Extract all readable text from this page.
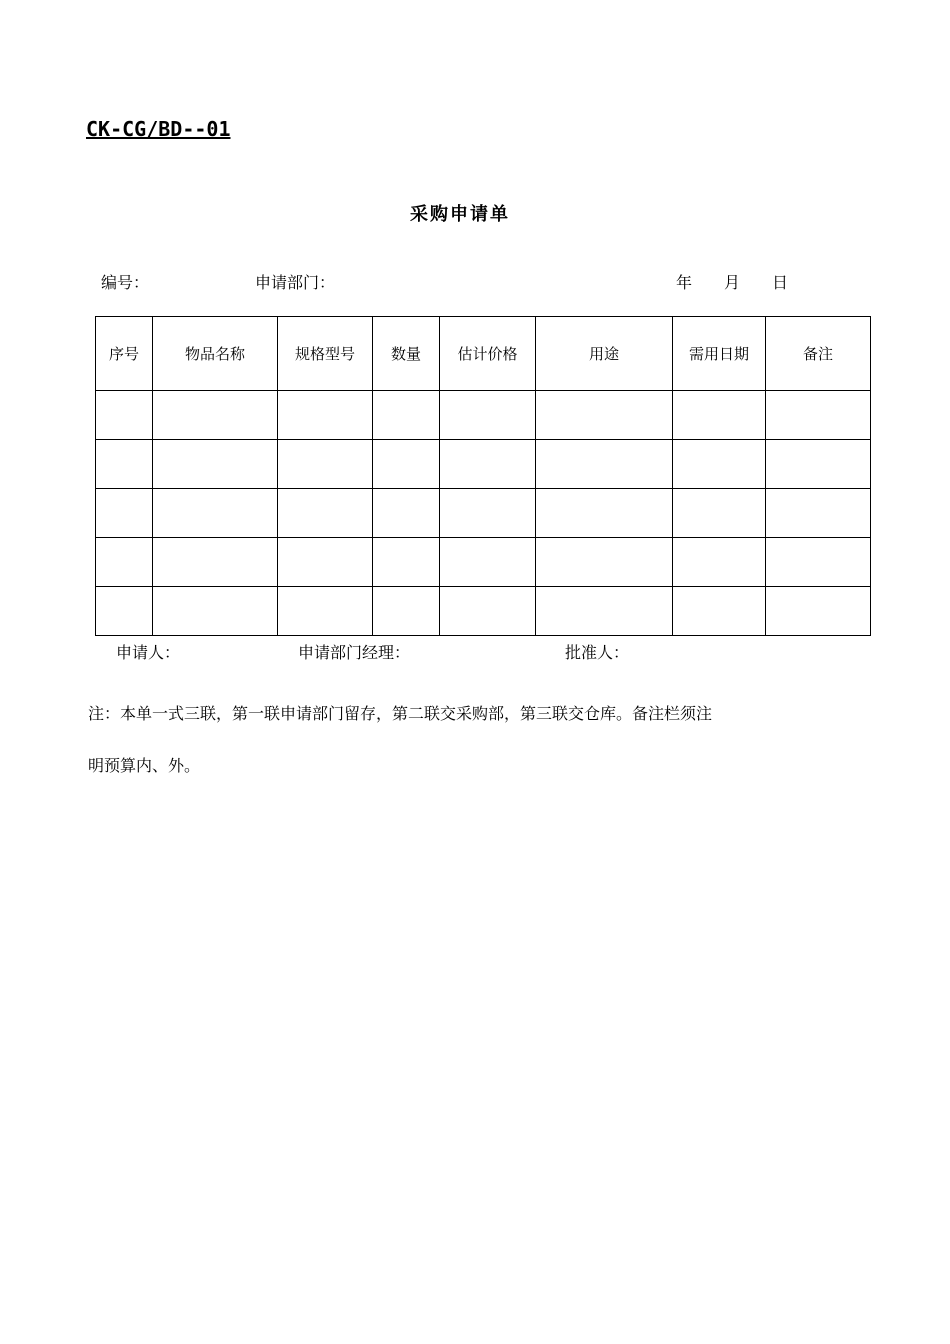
CK-CG/BD--01
采购申请单
编号：	申请部门：	年 月 日
序号	物品名称	规格型号	数量	估计价格	用途	需用日期	备注

申请人：	申请部门经理：	批准人：
注：本单一式三联，第一联申请部门留存，第二联交采购部，第三联交仓库。备注栏须注
明预算内、外。
